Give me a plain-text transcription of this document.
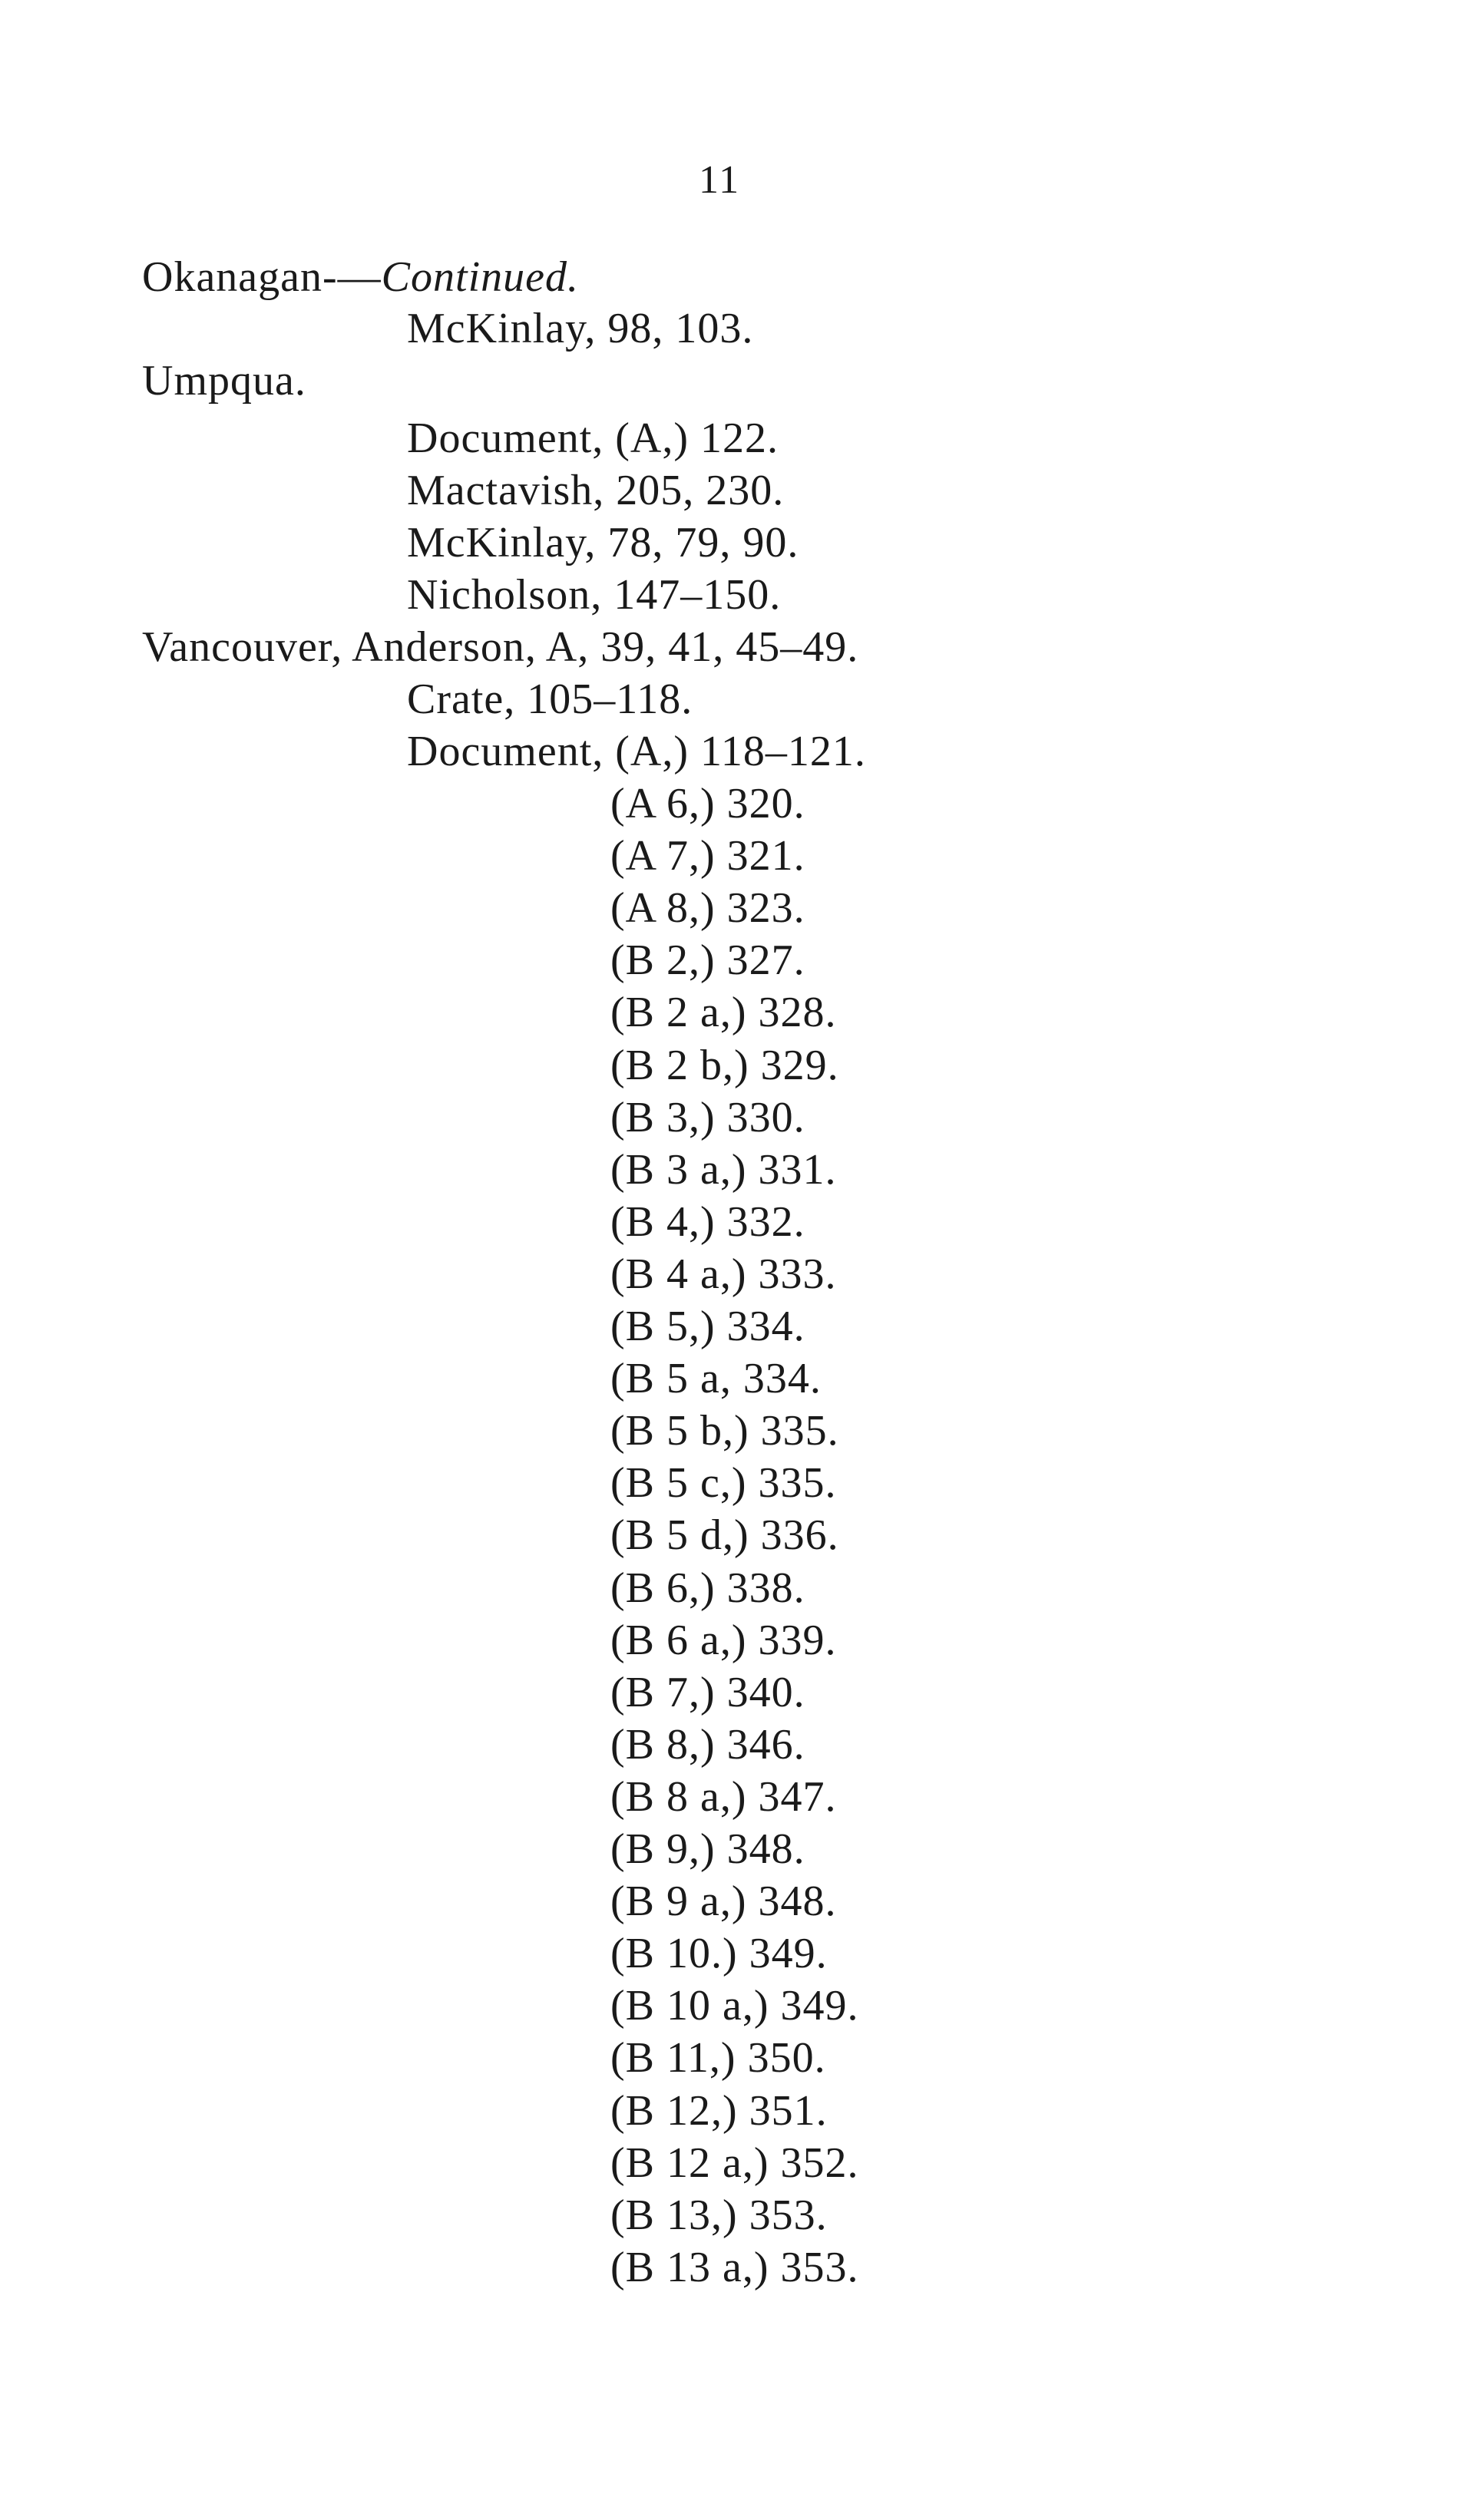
11
Okanagan-—Continued.
McKinlay, 98, 103.
Umpqua.
Document, (A,) 122.
Mactavish, 205, 230.
McKinlay, 78, 79, 90.
Nicholson, 147–150.
Vancouver, Anderson, A, 39, 41, 45–49.
Crate, 105–118.
Document, (A,) 118–121.
(A 6,) 320.
(A 7,) 321.
(A 8,) 323.
(B 2,) 327.
(B 2 a,) 328.
(B 2 b,) 329.
(B 3,) 330.
(B 3 a,) 331.
(B 4,) 332.
(B 4 a,) 333.
(B 5,) 334.
(B 5 a, 334.
(B 5 b,) 335.
(B 5 c,) 335.
(B 5 d,) 336.
(B 6,) 338.
(B 6 a,) 339.
(B 7,) 340.
(B 8,) 346.
(B 8 a,) 347.
(B 9,) 348.
(B 9 a,) 348.
(B 10.) 349.
(B 10 a,) 349.
(B 11,) 350.
(B 12,) 351.
(B 12 a,) 352.
(B 13,) 353.
(B 13 a,) 353.
